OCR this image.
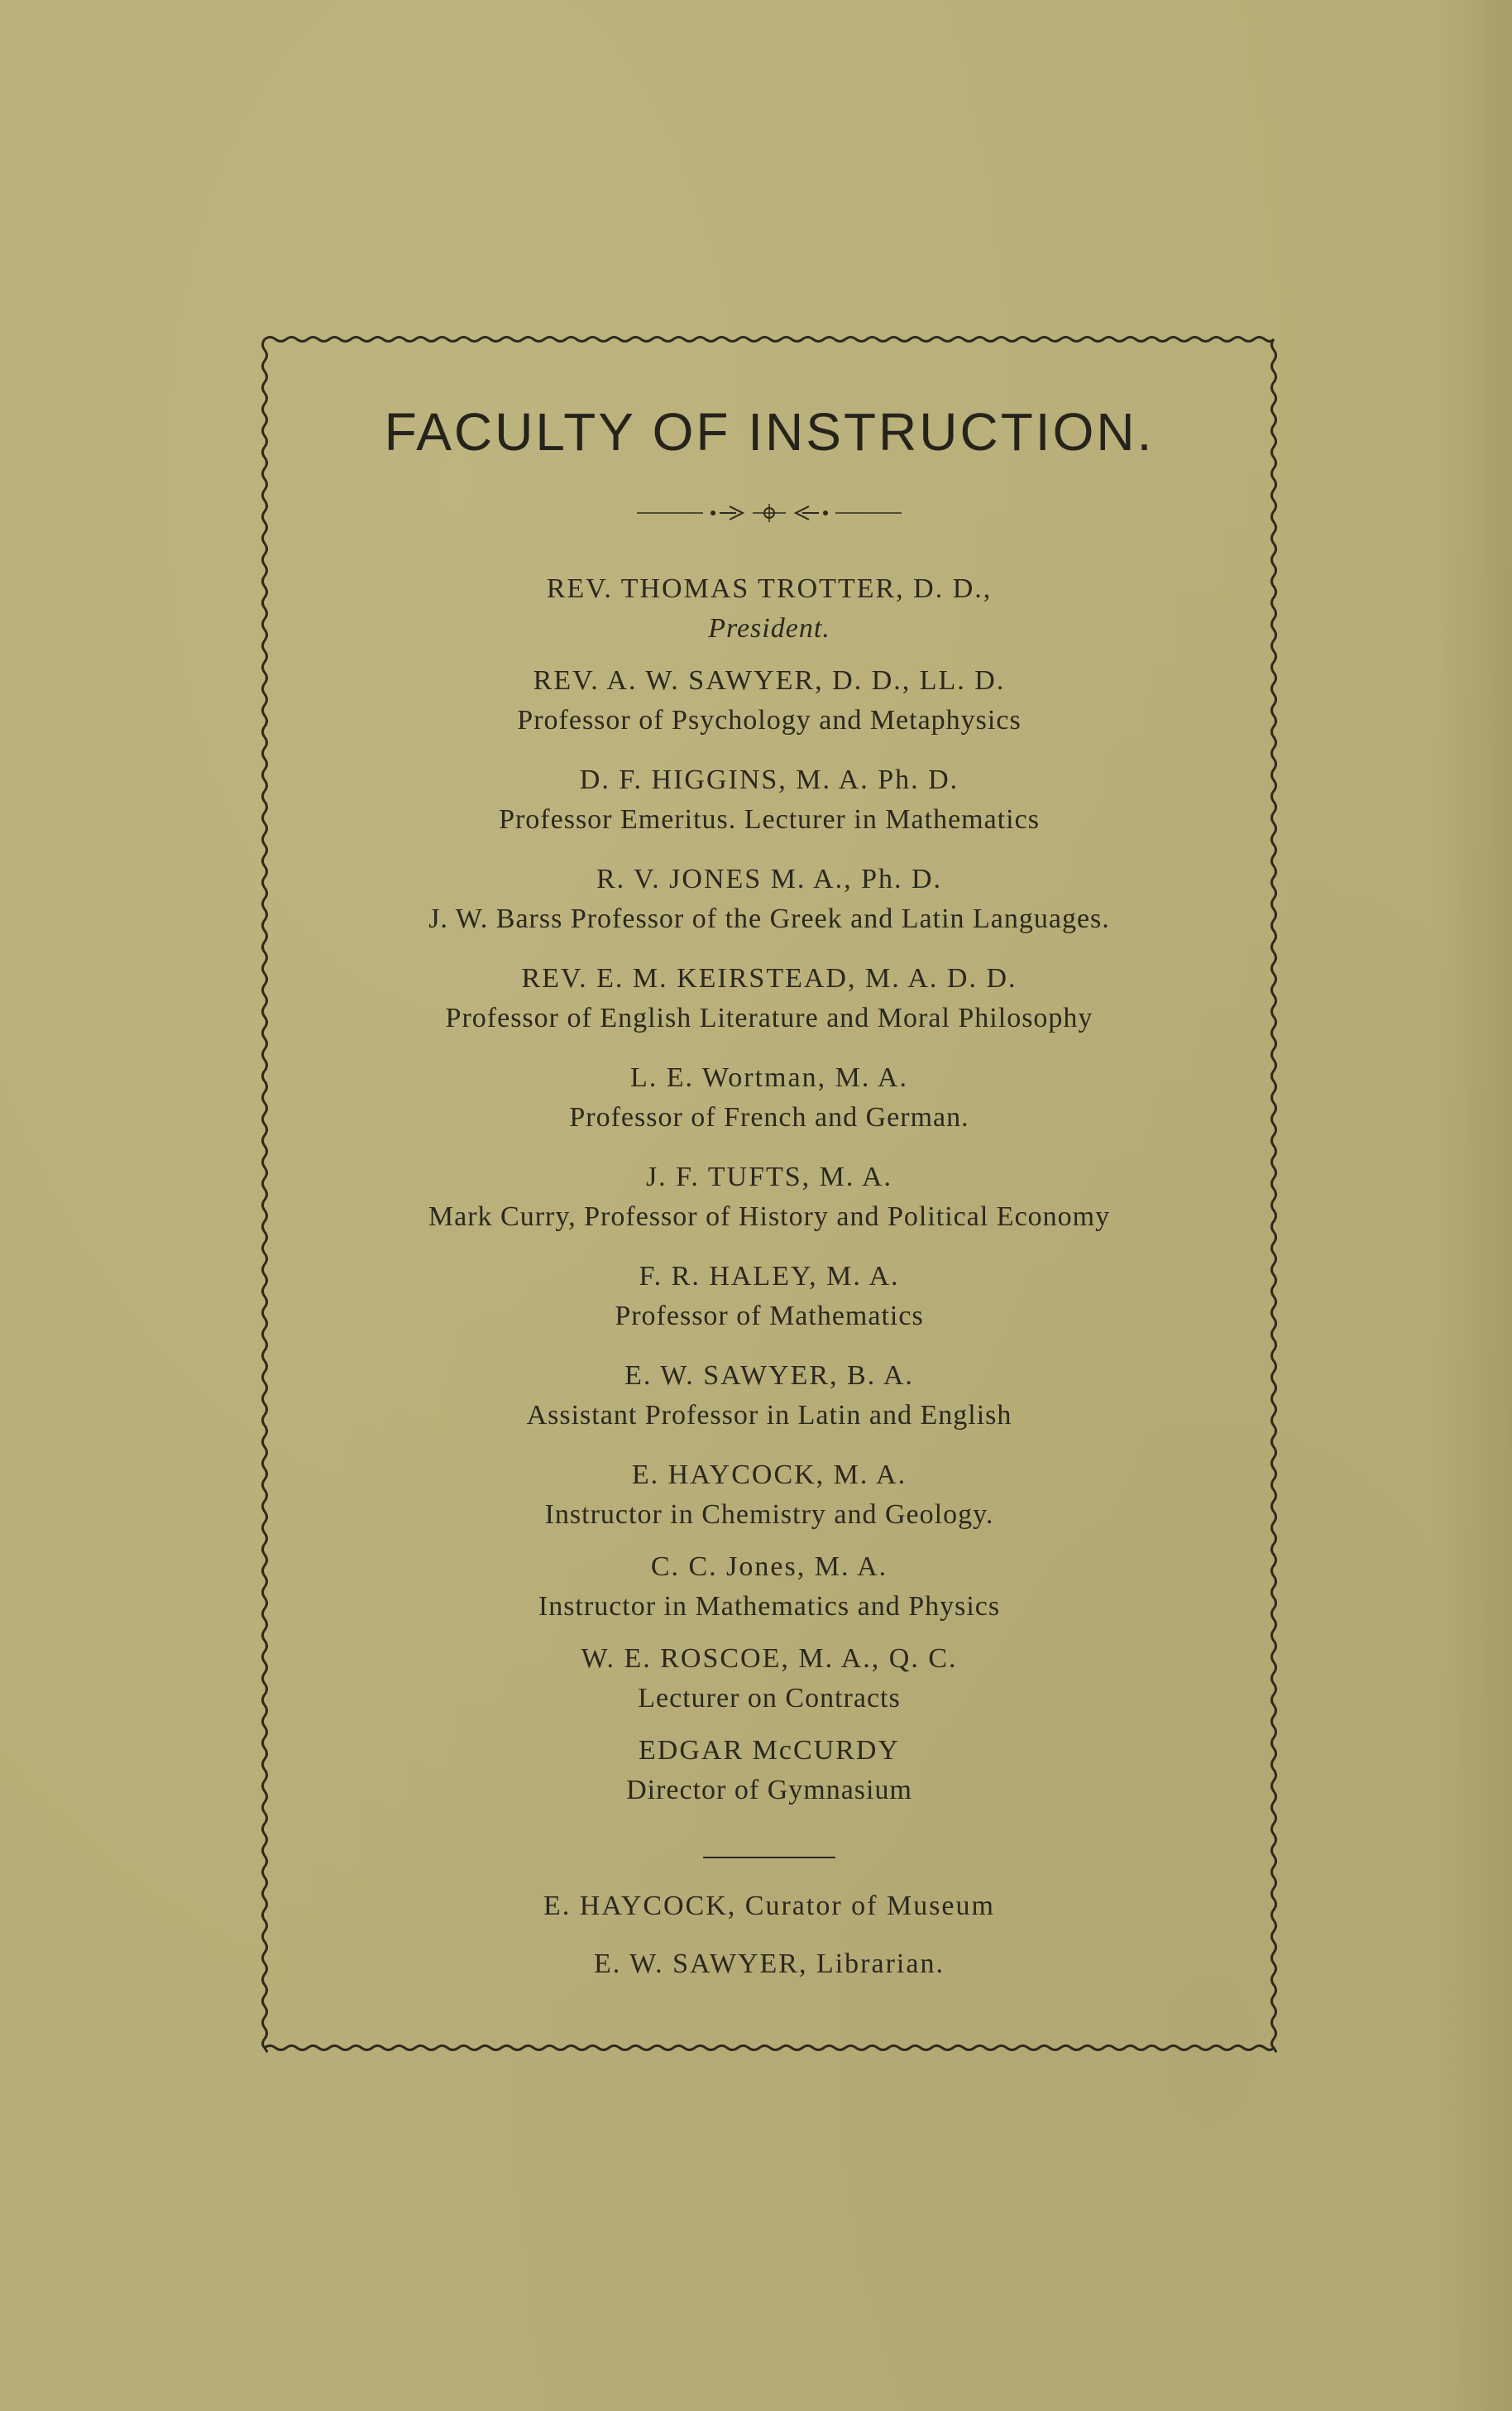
FACULTY OF INSTRUCTION.
REV. THOMAS TROTTER, D. D.,
President.
REV. A. W. SAWYER, D. D., LL. D.
Professor of Psychology and Metaphysics
D. F. HIGGINS, M. A. Ph. D.
Professor Emeritus. Lecturer in Mathematics
R. V. JONES M. A., Ph. D.
J. W. Barss Professor of the Greek and Latin Languages.
REV. E. M. KEIRSTEAD, M. A. D. D.
Professor of English Literature and Moral Philosophy
L. E. Wortman, M. A.
Professor of French and German.
J. F. TUFTS, M. A.
Mark Curry, Professor of History and Political Economy
F. R. HALEY, M. A.
Professor of Mathematics
E. W. SAWYER, B. A.
Assistant Professor in Latin and English
E. HAYCOCK, M. A.
Instructor in Chemistry and Geology.
C. C. Jones, M. A.
Instructor in Mathematics and Physics
W. E. ROSCOE, M. A., Q. C.
Lecturer on Contracts
EDGAR McCURDY
Director of Gymnasium
E. HAYCOCK, Curator of Museum
E. W. SAWYER, Librarian.
